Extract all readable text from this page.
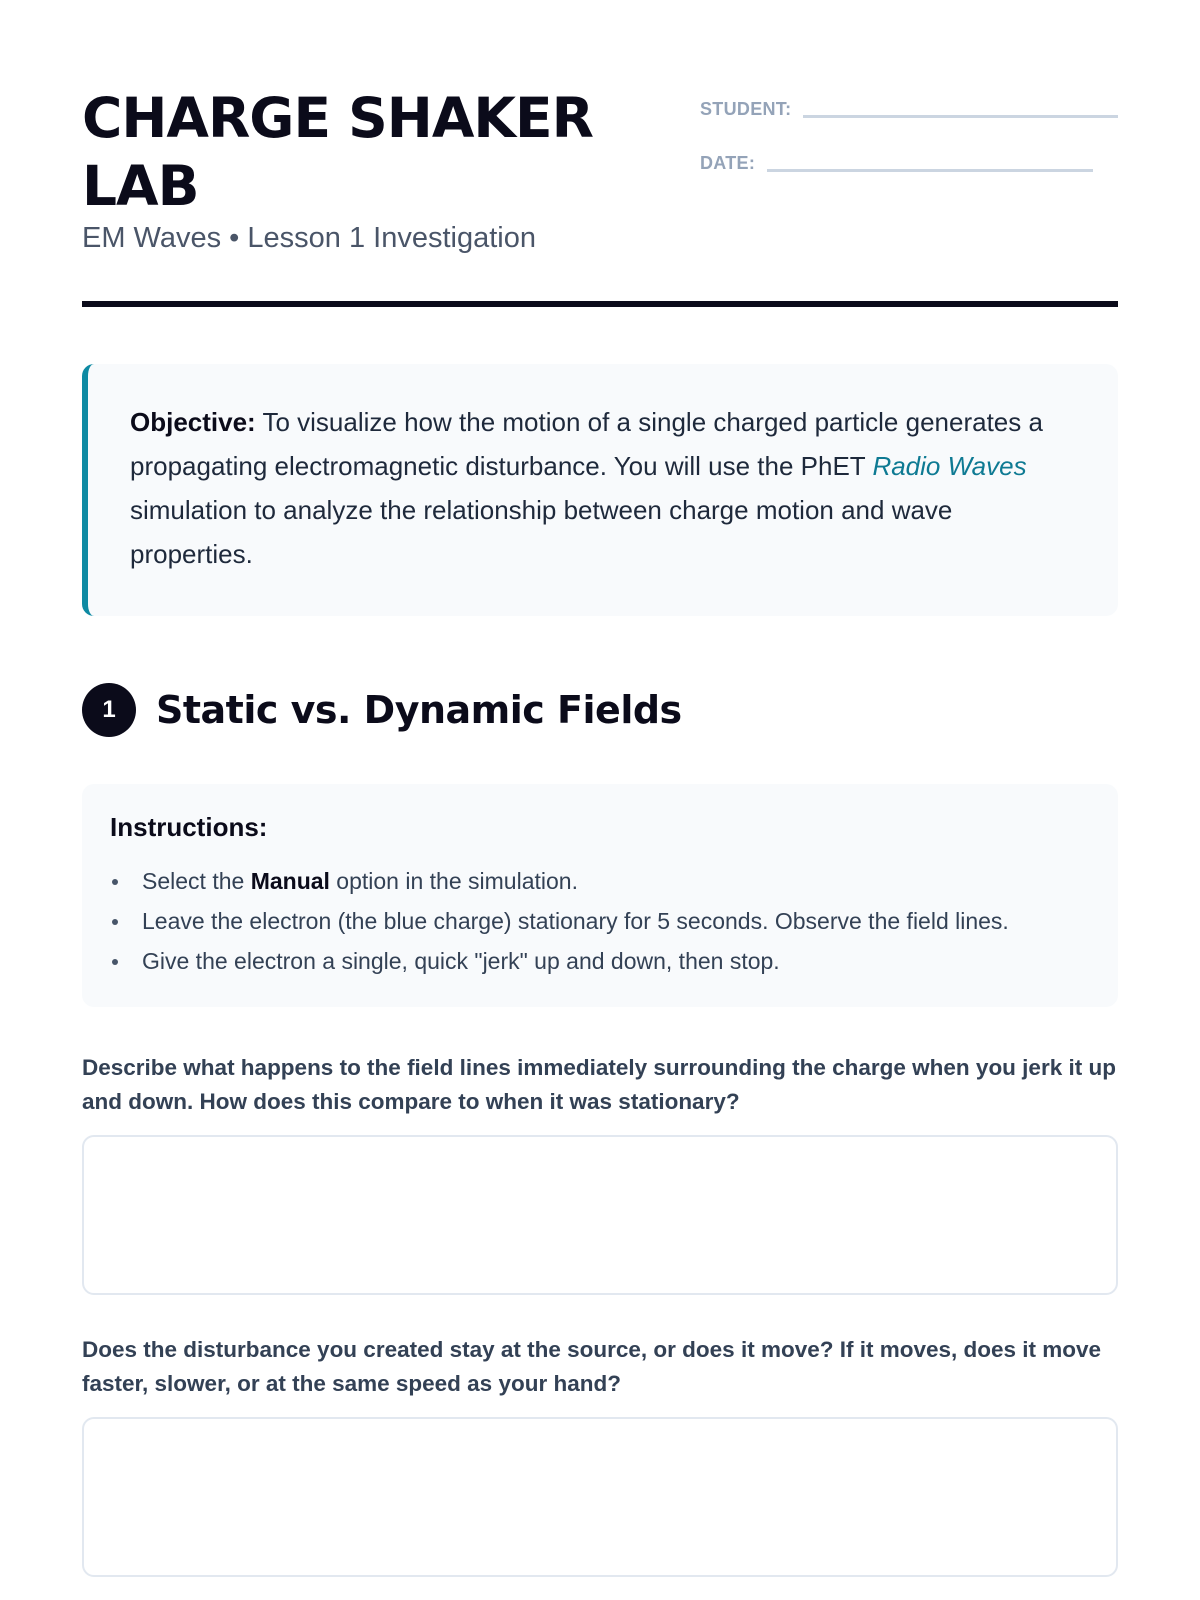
CHARGE SHAKER LAB
EM Waves • Lesson 1 Investigation
STUDENT:
DATE:
Objective: To visualize how the motion of a single charged particle generates a propagating electromagnetic disturbance. You will use the PhET Radio Waves simulation to analyze the relationship between charge motion and wave properties.
1	Static vs. Dynamic Fields
Instructions:
Select the Manual option in the simulation.
Leave the electron (the blue charge) stationary for 5 seconds. Observe the field lines.
Give the electron a single, quick "jerk" up and down, then stop.
Describe what happens to the field lines immediately surrounding the charge when you jerk it up and down. How does this compare to when it was stationary?
Does the disturbance you created stay at the source, or does it move? If it moves, does it move faster, slower, or at the same speed as your hand?
